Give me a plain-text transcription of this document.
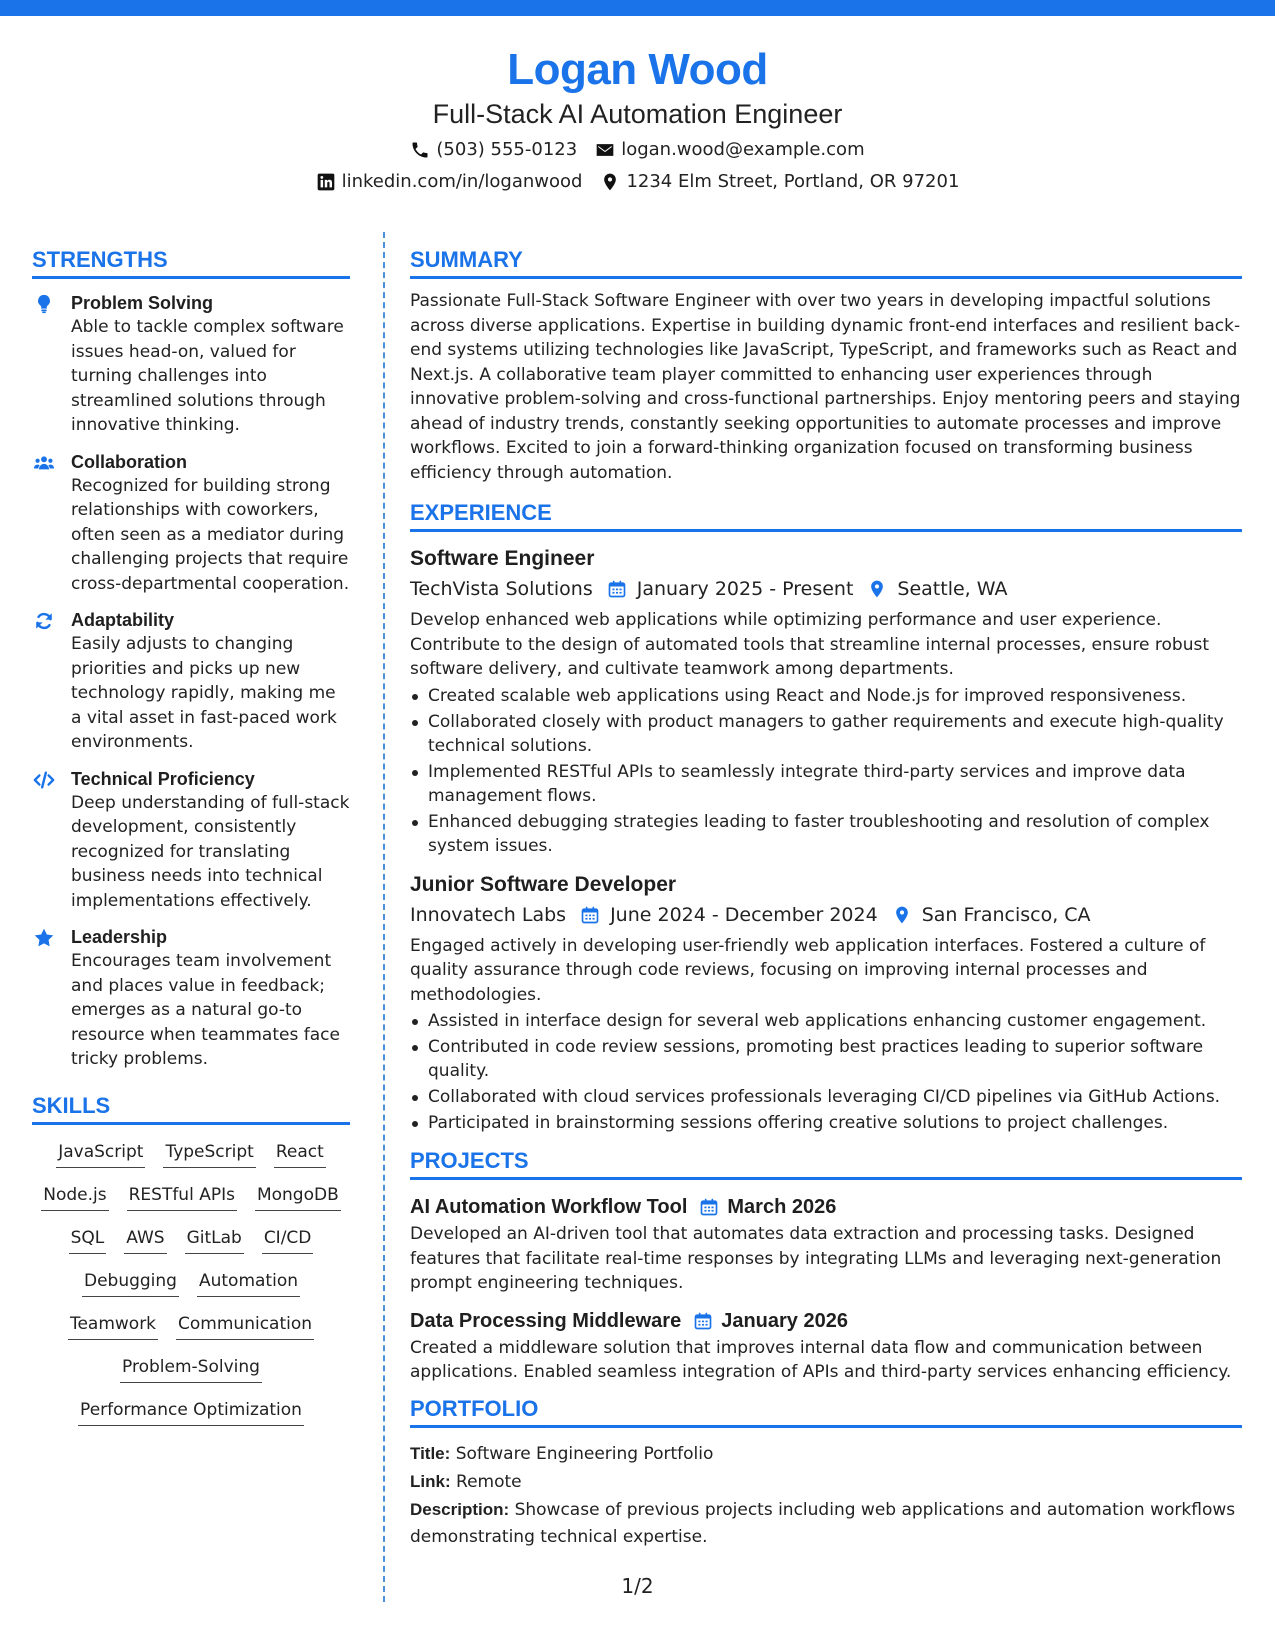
Logan Wood
Full-Stack AI Automation Engineer
(503) 555-0123 logan.wood@example.com
linkedin.com/in/loganwood 1234 Elm Street, Portland, OR 97201
STRENGTHS
Problem Solving
Able to tackle complex software issues head-on, valued for turning challenges into streamlined solutions through innovative thinking.
Collaboration
Recognized for building strong relationships with coworkers, often seen as a mediator during challenging projects that require cross-departmental cooperation.
Adaptability
Easily adjusts to changing priorities and picks up new technology rapidly, making me a vital asset in fast-paced work environments.
Technical Proficiency
Deep understanding of full-stack development, consistently recognized for translating business needs into technical implementations effectively.
Leadership
Encourages team involvement and places value in feedback; emerges as a natural go-to resource when teammates face tricky problems.
SKILLS
JavaScript TypeScript React
Node.js RESTful APIs MongoDB
SQL AWS GitLab CI/CD
Debugging Automation
Teamwork Communication
Problem-Solving
Performance Optimization
SUMMARY
Passionate Full-Stack Software Engineer with over two years in developing impactful solutions across diverse applications. Expertise in building dynamic front-end interfaces and resilient back-end systems utilizing technologies like JavaScript, TypeScript, and frameworks such as React and Next.js. A collaborative team player committed to enhancing user experiences through innovative problem-solving and cross-functional partnerships. Enjoy mentoring peers and staying ahead of industry trends, constantly seeking opportunities to automate processes and improve workflows. Excited to join a forward-thinking organization focused on transforming business efficiency through automation.
EXPERIENCE
Software Engineer
TechVista Solutions January 2025 - Present Seattle, WA
Develop enhanced web applications while optimizing performance and user experience. Contribute to the design of automated tools that streamline internal processes, ensure robust software delivery, and cultivate teamwork among departments.
Created scalable web applications using React and Node.js for improved responsiveness.
Collaborated closely with product managers to gather requirements and execute high-quality technical solutions.
Implemented RESTful APIs to seamlessly integrate third-party services and improve data management flows.
Enhanced debugging strategies leading to faster troubleshooting and resolution of complex system issues.
Junior Software Developer
Innovatech Labs June 2024 - December 2024 San Francisco, CA
Engaged actively in developing user-friendly web application interfaces. Fostered a culture of quality assurance through code reviews, focusing on improving internal processes and methodologies.
Assisted in interface design for several web applications enhancing customer engagement.
Contributed in code review sessions, promoting best practices leading to superior software quality.
Collaborated with cloud services professionals leveraging CI/CD pipelines via GitHub Actions.
Participated in brainstorming sessions offering creative solutions to project challenges.
PROJECTS
AI Automation Workflow Tool March 2026
Developed an AI-driven tool that automates data extraction and processing tasks. Designed features that facilitate real-time responses by integrating LLMs and leveraging next-generation prompt engineering techniques.
Data Processing Middleware January 2026
Created a middleware solution that improves internal data flow and communication between applications. Enabled seamless integration of APIs and third-party services enhancing efficiency.
PORTFOLIO
Title: Software Engineering Portfolio
Link: Remote
Description: Showcase of previous projects including web applications and automation workflows demonstrating technical expertise.
1/2
